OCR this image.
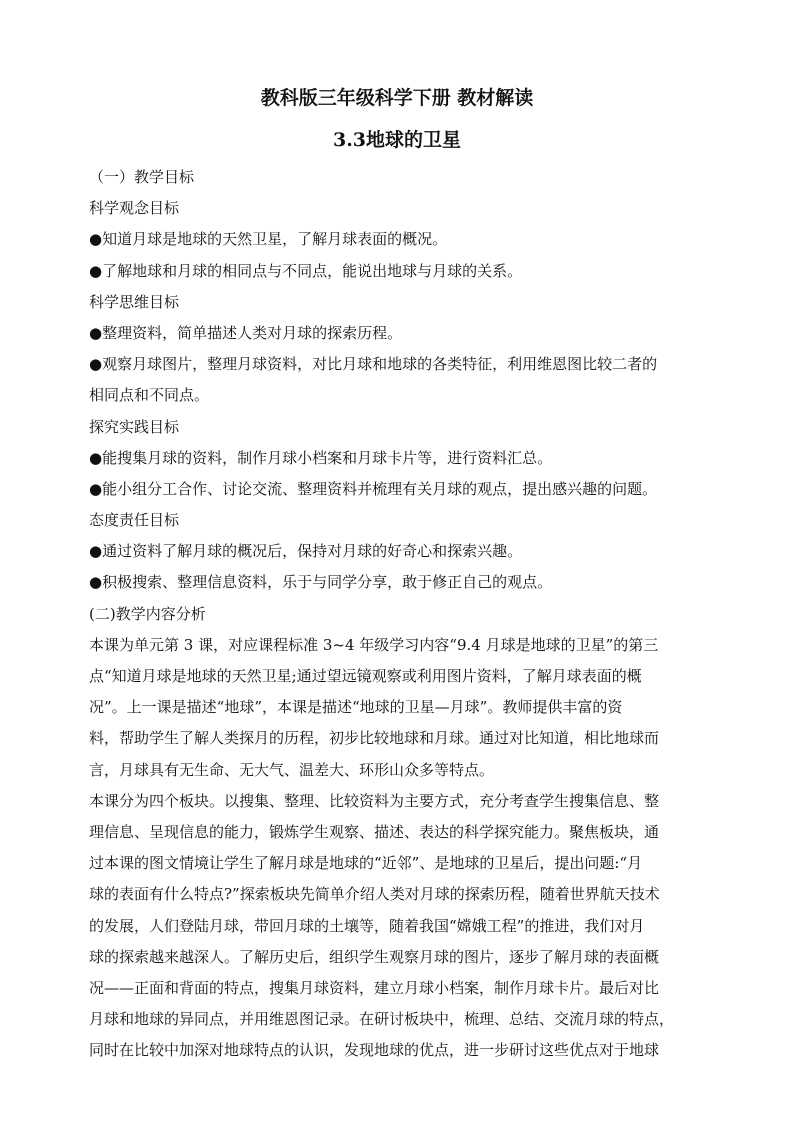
教科版三年级科学下册 教材解读
3.3地球的卫星
（一）教学目标
科学观念目标
●知道月球是地球的天然卫星，了解月球表面的概况。
●了解地球和月球的相同点与不同点，能说出地球与月球的关系。
科学思维目标
●整理资料，简单描述人类对月球的探索历程。
●观察月球图片，整理月球资料，对比月球和地球的各类特征，利用维恩图比较二者的
相同点和不同点。
探究实践目标
●能搜集月球的资料，制作月球小档案和月球卡片等，进行资料汇总。
●能小组分工合作、讨论交流、整理资料并梳理有关月球的观点，提出感兴趣的问题。
态度责任目标
●通过资料了解月球的概况后，保持对月球的好奇心和探索兴趣。
●积极搜索、整理信息资料，乐于与同学分享，敢于修正自己的观点。
(二)教学内容分析
本课为单元第 3 课，对应课程标准 3~4 年级学习内容“9.4 月球是地球的卫星”的第三
点“知道月球是地球的天然卫星;通过望远镜观察或利用图片资料，了解月球表面的概
况”。上一课是描述“地球”，本课是描述“地球的卫星—月球”。教师提供丰富的资
料，帮助学生了解人类探月的历程，初步比较地球和月球。通过对比知道，相比地球而
言，月球具有无生命、无大气、温差大、环形山众多等特点。
本课分为四个板块。以搜集、整理、比较资料为主要方式，充分考查学生搜集信息、整
理信息、呈现信息的能力，锻炼学生观察、描述、表达的科学探究能力。聚焦板块，通
过本课的图文情境让学生了解月球是地球的“近邻”、是地球的卫星后，提出问题:“月
球的表面有什么特点?”探索板块先简单介绍人类对月球的探索历程，随着世界航天技术
的发展，人们登陆月球，带回月球的土壤等，随着我国“嫦娥工程”的推进，我们对月
球的探索越来越深人。了解历史后，组织学生观察月球的图片，逐步了解月球的表面概
况——正面和背面的特点，搜集月球资料，建立月球小档案，制作月球卡片。最后对比
月球和地球的异同点，并用维恩图记录。在研讨板块中，梳理、总结、交流月球的特点，
同时在比较中加深对地球特点的认识，发现地球的优点，进一步研讨这些优点对于地球
